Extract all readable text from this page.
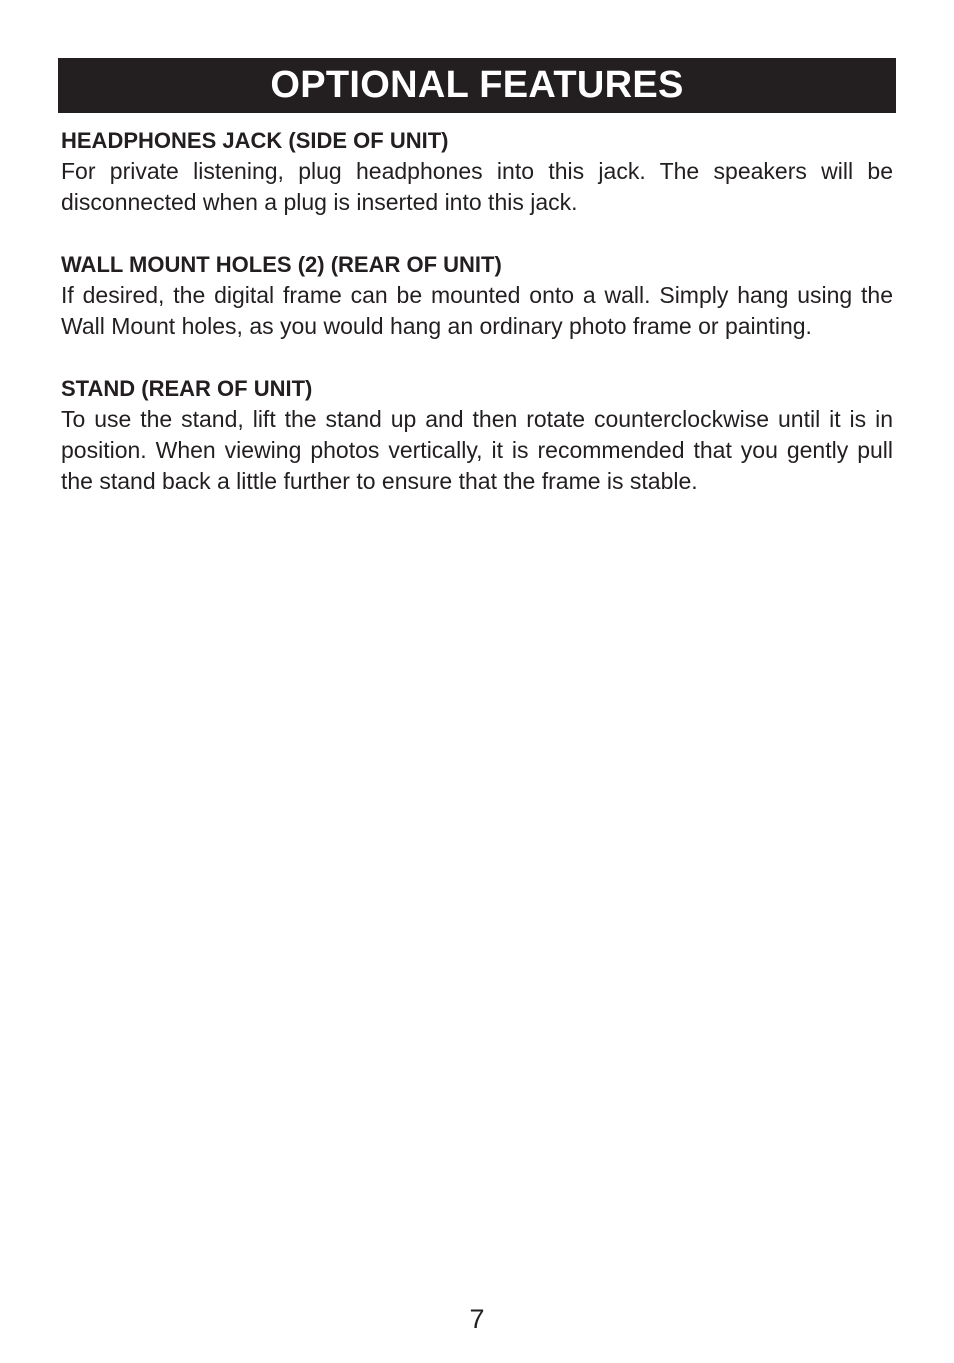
OPTIONAL FEATURES
HEADPHONES JACK (SIDE OF UNIT)

For private listening, plug headphones into this jack. The speakers will be disconnected when a plug is inserted into this jack.

WALL MOUNT HOLES (2) (REAR OF UNIT)

If desired, the digital frame can be mounted onto a wall. Simply hang using the Wall Mount holes, as you would hang an ordinary photo frame or painting.

STAND (REAR OF UNIT)

To use the stand, lift the stand up and then rotate counterclockwise until it is in position. When viewing photos vertically, it is recommended that you gently pull the stand back a little further to ensure that the frame is stable.

7
